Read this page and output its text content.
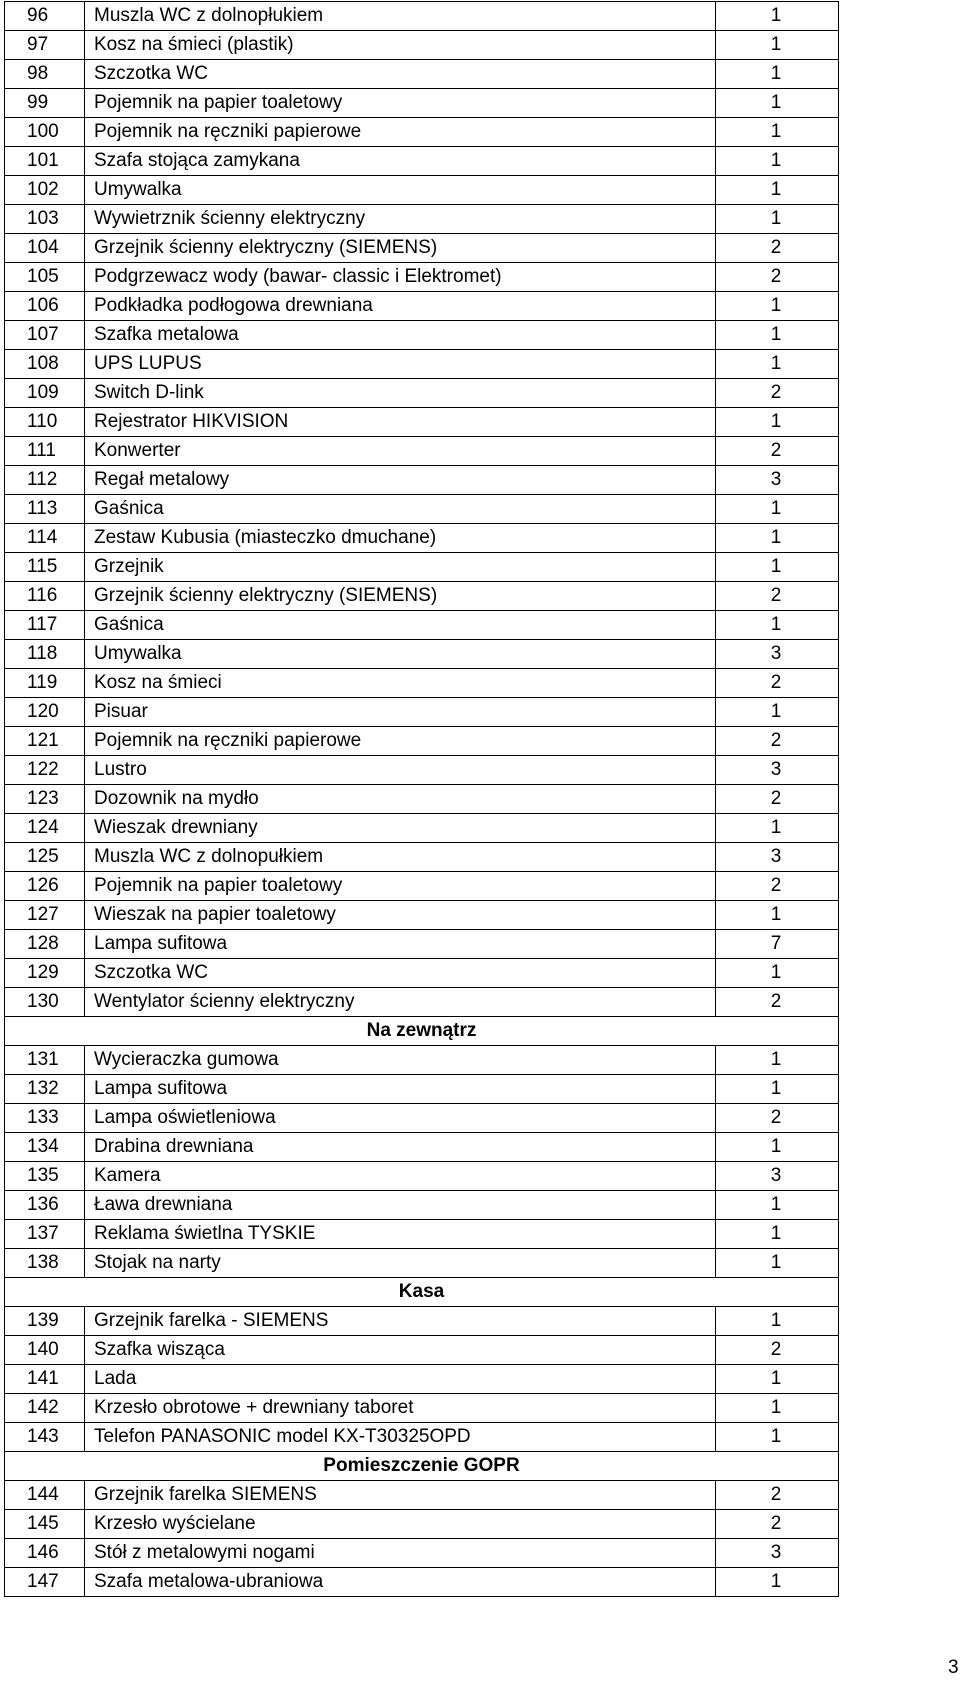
96	Muszla WC z dolnopłukiem	1
97	Kosz na śmieci (plastik)	1
98	Szczotka WC	1
99	Pojemnik na papier toaletowy	1
100	Pojemnik na ręczniki papierowe	1
101	Szafa stojąca zamykana	1
102	Umywalka	1
103	Wywietrznik ścienny elektryczny	1
104	Grzejnik ścienny elektryczny (SIEMENS)	2
105	Podgrzewacz wody (bawar- classic i Elektromet)	2
106	Podkładka podłogowa drewniana	1
107	Szafka metalowa	1
108	UPS LUPUS	1
109	Switch D-link	2
110	Rejestrator HIKVISION	1
111	Konwerter	2
112	Regał metalowy	3
113	Gaśnica	1
114	Zestaw Kubusia (miasteczko dmuchane)	1
115	Grzejnik	1
116	Grzejnik ścienny elektryczny (SIEMENS)	2
117	Gaśnica	1
118	Umywalka	3
119	Kosz na śmieci	2
120	Pisuar	1
121	Pojemnik na ręczniki papierowe	2
122	Lustro	3
123	Dozownik na mydło	2
124	Wieszak drewniany	1
125	Muszla WC z dolnopułkiem	3
126	Pojemnik na papier toaletowy	2
127	Wieszak na papier toaletowy	1
128	Lampa sufitowa	7
129	Szczotka WC	1
130	Wentylator ścienny elektryczny	2
Na zewnątrz		
131	Wycieraczka gumowa	1
132	Lampa sufitowa	1
133	Lampa oświetleniowa	2
134	Drabina drewniana	1
135	Kamera	3
136	Ława drewniana	1
137	Reklama świetlna TYSKIE	1
138	Stojak na narty	1
Kasa		
139	Grzejnik farelka - SIEMENS	1
140	Szafka wisząca	2
141	Lada	1
142	Krzesło obrotowe + drewniany taboret	1
143	Telefon PANASONIC model KX-T30325OPD	1
Pomieszczenie GOPR		
144	Grzejnik farelka SIEMENS	2
145	Krzesło wyścielane	2
146	Stół z metalowymi nogami	3
147	Szafa metalowa-ubraniowa	1
3
